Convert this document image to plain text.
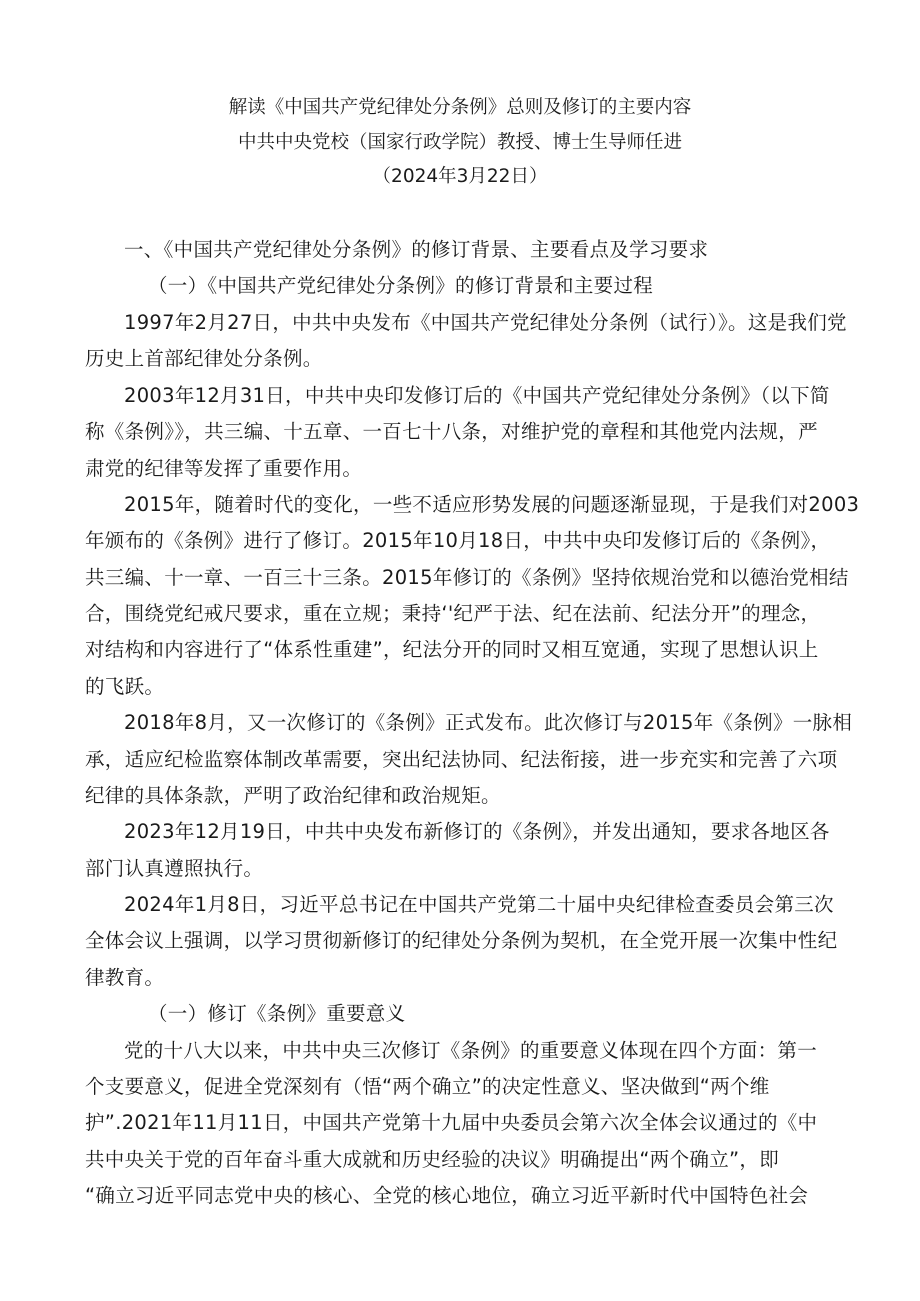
解读《中国共产党纪律处分条例》总则及修订的主要内容
中共中央党校（国家行政学院）教授、博士生导师任进
（2024年3月22日）
一、《中国共产党纪律处分条例》的修订背景、主要看点及学习要求
（一）《中国共产党纪律处分条例》的修订背景和主要过程
1997年2月27日，中共中央发布《中国共产党纪律处分条例（试行）》。这是我们党
历史上首部纪律处分条例。
2003年12月31日，中共中央印发修订后的《中国共产党纪律处分条例》（以下简
称《条例》》，共三编、十五章、一百七十八条，对维护党的章程和其他党内法规，严
肃党的纪律等发挥了重要作用。
2015年，随着时代的变化，一些不适应形势发展的问题逐渐显现，于是我们对2003
年颁布的《条例》进行了修订。2015年10月18日，中共中央印发修订后的《条例》，
共三编、十一章、一百三十三条。2015年修订的《条例》坚持依规治党和以德治党相结
合，围绕党纪戒尺要求，重在立规；秉持‘'纪严于法、纪在法前、纪法分开”的理念，
对结构和内容进行了“体系性重建”，纪法分开的同时又相互宽通，实现了思想认识上
的飞跃。
2018年8月，又一次修订的《条例》正式发布。此次修订与2015年《条例》一脉相
承，适应纪检监察体制改革需要，突出纪法协同、纪法衔接，进一步充实和完善了六项
纪律的具体条款，严明了政治纪律和政治规矩。
2023年12月19日，中共中央发布新修订的《条例》，并发出通知，要求各地区各
部门认真遵照执行。
2024年1月8日，习近平总书记在中国共产党第二十届中央纪律检查委员会第三次
全体会议上强调，以学习贯彻新修订的纪律处分条例为契机，在全党开展一次集中性纪
律教育。
（一）修订《条例》重要意义
党的十八大以来，中共中央三次修订《条例》的重要意义体现在四个方面：第一
个支要意义，促进全党深刻有（悟“两个确立”的决定性意义、坚决做到“两个维
护”.2021年11月11日，中国共产党第十九届中央委员会第六次全体会议通过的《中
共中央关于党的百年奋斗重大成就和历史经验的决议》明确提出“两个确立”，即
“确立习近平同志党中央的核心、全党的核心地位，确立习近平新时代中国特色社会
